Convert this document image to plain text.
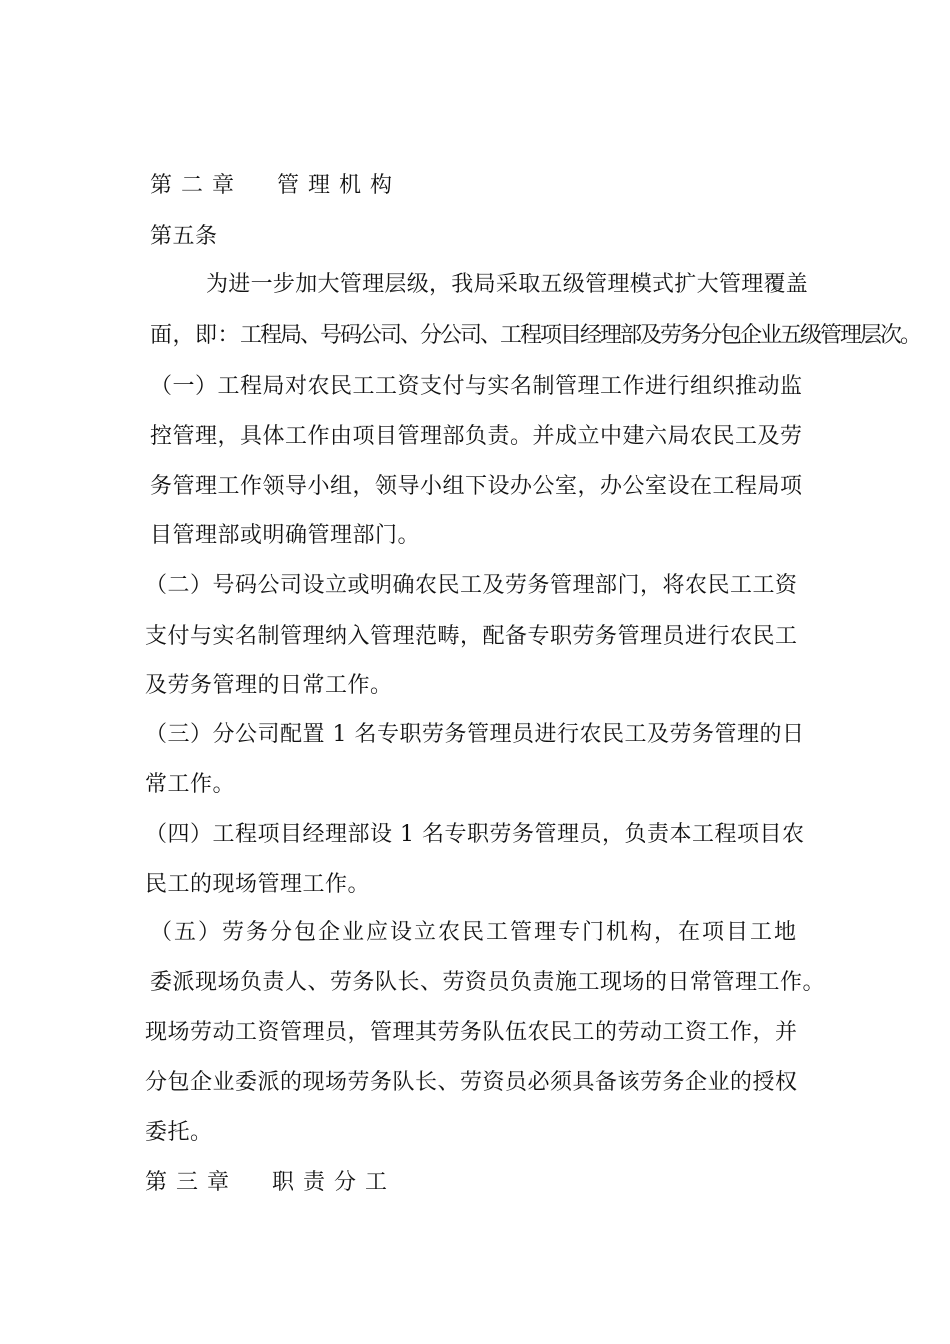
第二章 管理机构
第五条
为进一步加大管理层级，我局采取五级管理模式扩大管理覆盖
面，即：工程局、号码公司、分公司、工程项目经理部及劳务分包企业五级管理层次。
（一）工程局对农民工工资支付与实名制管理工作进行组织推动监
控管理，具体工作由项目管理部负责。并成立中建六局农民工及劳
务管理工作领导小组，领导小组下设办公室，办公室设在工程局项
目管理部或明确管理部门。
（二）号码公司设立或明确农民工及劳务管理部门，将农民工工资
支付与实名制管理纳入管理范畴，配备专职劳务管理员进行农民工
及劳务管理的日常工作。
（三）分公司配置 1 名专职劳务管理员进行农民工及劳务管理的日
常工作。
（四）工程项目经理部设 1 名专职劳务管理员，负责本工程项目农
民工的现场管理工作。
（五）劳务分包企业应设立农民工管理专门机构，在项目工地
委派现场负责人、劳务队长、劳资员负责施工现场的日常管理工作。
现场劳动工资管理员，管理其劳务队伍农民工的劳动工资工作，并
分包企业委派的现场劳务队长、劳资员必须具备该劳务企业的授权
委托。
第三章 职责分工
